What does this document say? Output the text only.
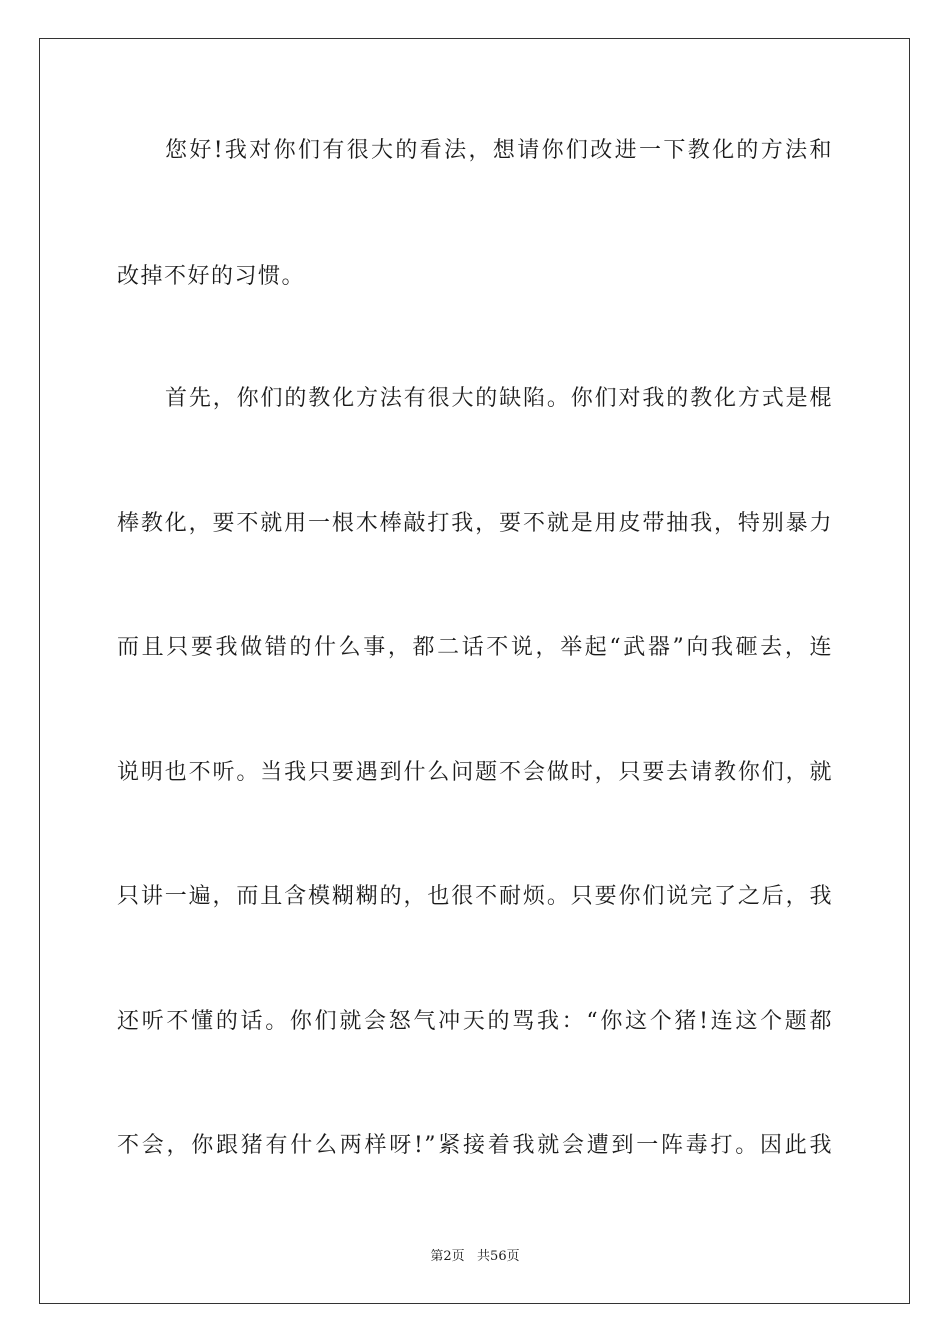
您好!我对你们有很大的看法，想请你们改进一下教化的方法和
改掉不好的习惯。
首先，你们的教化方法有很大的缺陷。你们对我的教化方式是棍
棒教化，要不就用一根木棒敲打我，要不就是用皮带抽我，特别暴力
而且只要我做错的什么事，都二话不说，举起“武器”向我砸去，连
说明也不听。当我只要遇到什么问题不会做时，只要去请教你们，就
只讲一遍，而且含模糊糊的，也很不耐烦。只要你们说完了之后，我
还听不懂的话。你们就会怒气冲天的骂我：“你这个猪!连这个题都
不会，你跟猪有什么两样呀!”紧接着我就会遭到一阵毒打。因此我
第2页   共56页
